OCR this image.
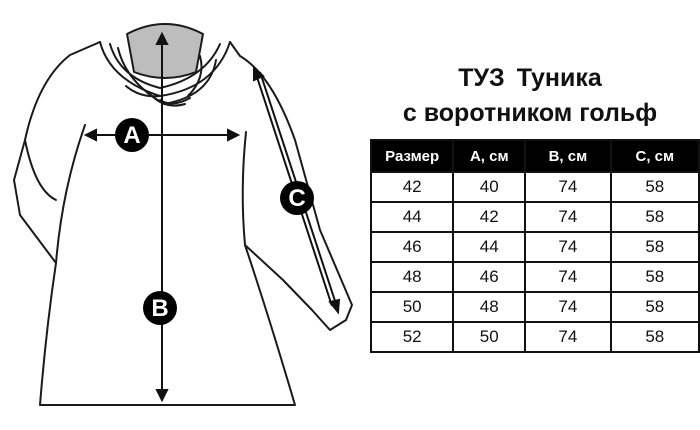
A
B
C
ТУЗ Туника
с воротником гольф
Размер	A, см	B, см	C, см
42	40	74	58
44	42	74	58
46	44	74	58
48	46	74	58
50	48	74	58
52	50	74	58
